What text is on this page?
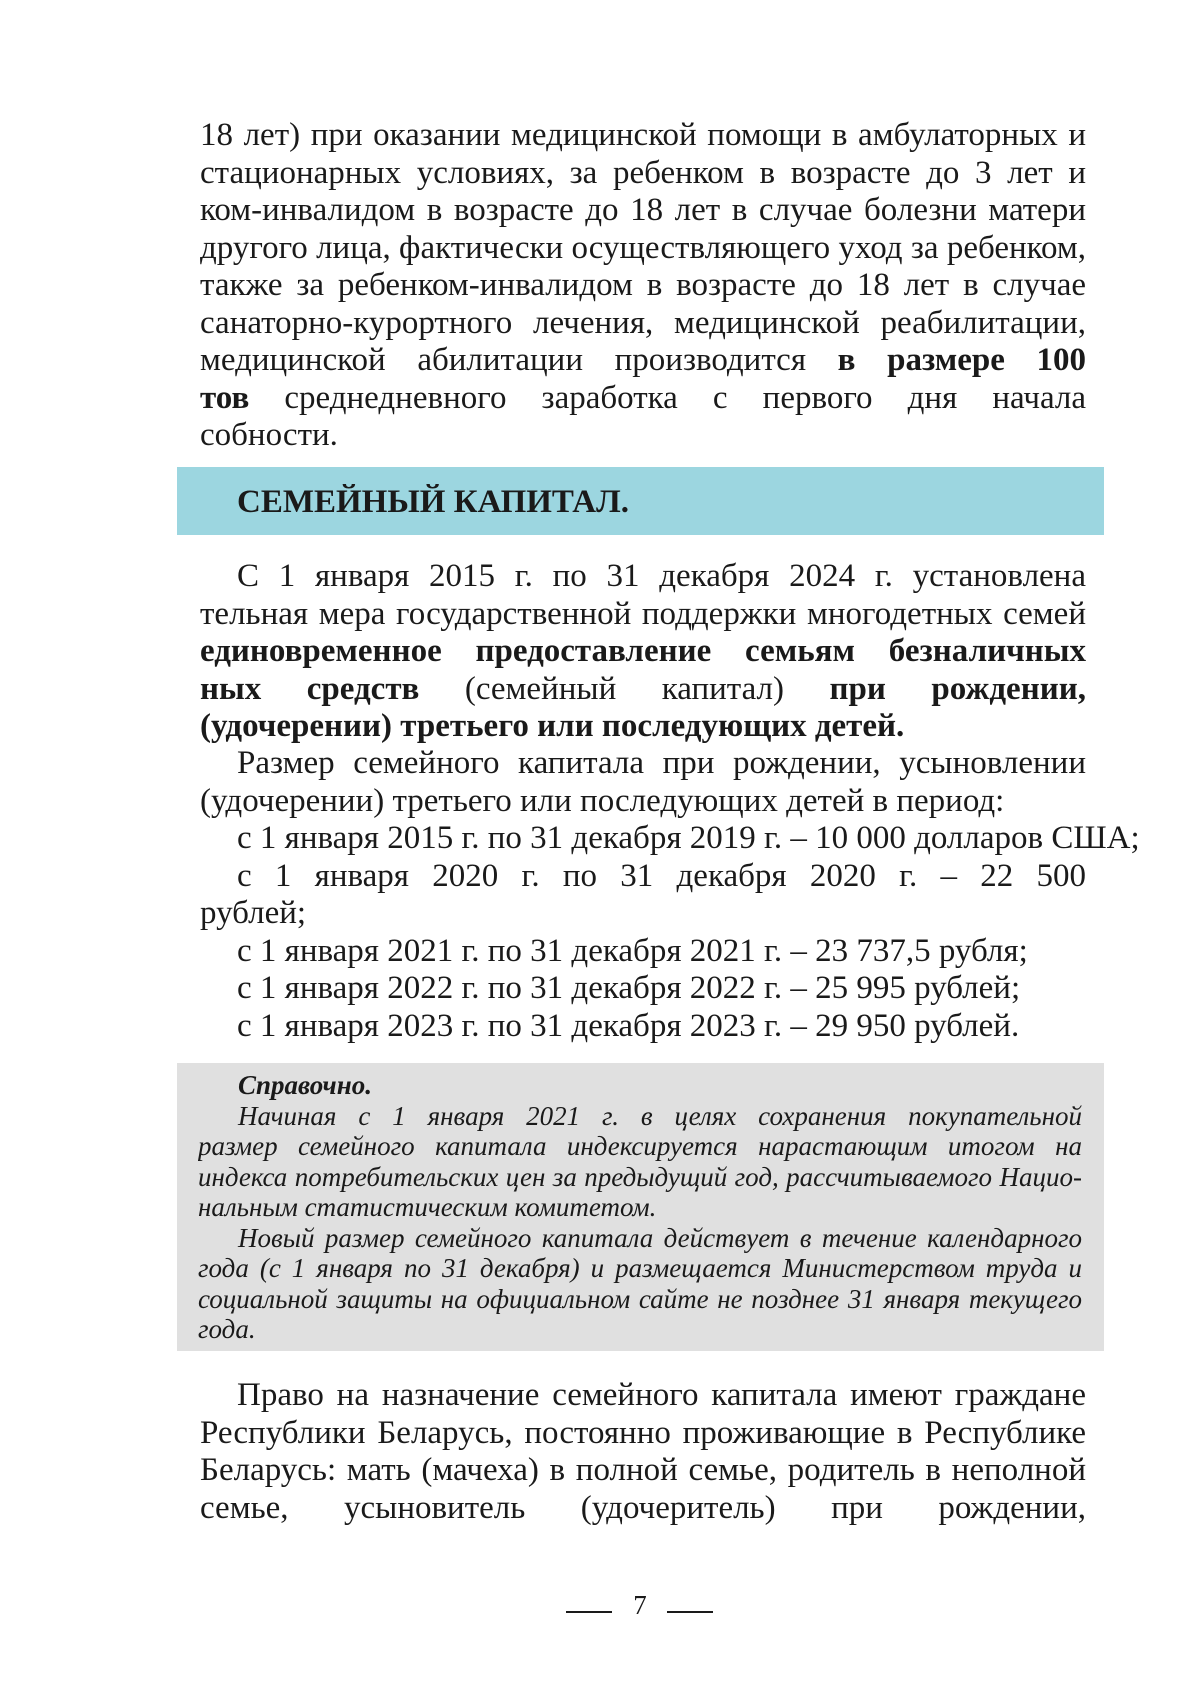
18 лет) при оказании медицинской помощи в амбулаторных и
стационарных условиях, за ребенком в возрасте до 3 лет и
ком-инвалидом в возрасте до 18 лет в случае болезни матери
другого лица, фактически осуществляющего уход за ребенком,
также за ребенком-инвалидом в возрасте до 18 лет в случае
санаторно-курортного лечения, медицинской реабилитации,
медицинской абилитации производится в размере 100
тов среднедневного заработка с первого дня начала
собности.
СЕМЕЙНЫЙ КАПИТАЛ.
С 1 января 2015 г. по 31 декабря 2024 г. установлена
тельная мера государственной поддержки многодетных семей
единовременное предоставление семьям безналичных
ных средств (семейный капитал) при рождении,
(удочерении) третьего или последующих детей.
Размер семейного капитала при рождении, усыновлении
(удочерении) третьего или последующих детей в период:
с 1 января 2015 г. по 31 декабря 2019 г. – 10 000 долларов США;
с 1 января 2020 г. по 31 декабря 2020 г. – 22 500
рублей;
с 1 января 2021 г. по 31 декабря 2021 г. – 23 737,5 рубля;
с 1 января 2022 г. по 31 декабря 2022 г. – 25 995 рублей;
с 1 января 2023 г. по 31 декабря 2023 г. – 29 950 рублей.
Справочно.
Начиная с 1 января 2021 г. в целях сохранения покупательной
размер семейного капитала индексируется нарастающим итогом на
индекса потребительских цен за предыдущий год, рассчитываемого Нацио-
нальным статистическим комитетом.
Новый размер семейного капитала действует в течение календарного
года (с 1 января по 31 декабря) и размещается Министерством труда и
социальной защиты на официальном сайте не позднее 31 января текущего
года.
Право на назначение семейного капитала имеют граждане
Республики Беларусь, постоянно проживающие в Республике
Беларусь: мать (мачеха) в полной семье, родитель в неполной
семье, усыновитель (удочеритель) при рождении,
7
